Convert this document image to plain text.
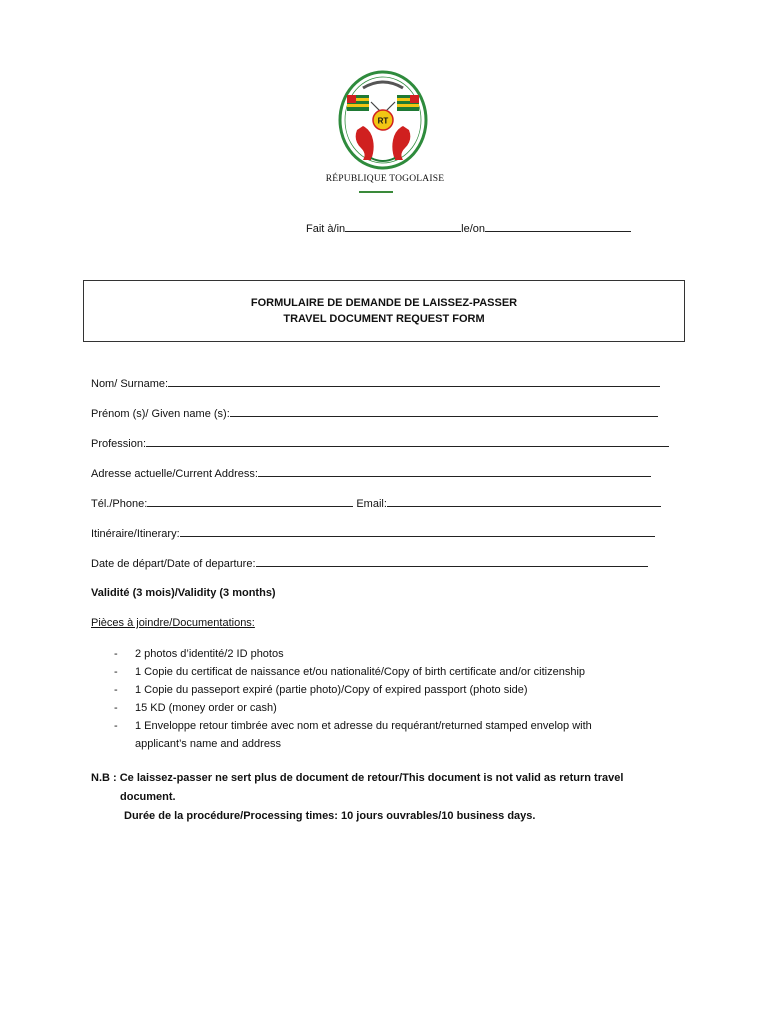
RT
RÉPUBLIQUE TOGOLAISE
Fait à/in	le/on
FORMULAIRE DE DEMANDE DE LAISSEZ-PASSER
TRAVEL DOCUMENT REQUEST FORM
Nom/ Surname:
Prénom (s)/ Given name (s):
Profession:
Adresse actuelle/Current Address:
Tél./Phone:	Email:
Itinéraire/Itinerary:
Date de départ/Date of departure:
Validité (3 mois)/Validity (3 months)
Pièces à joindre/Documentations:
-	2 photos d’identité/2 ID photos
-	1 Copie du certificat de naissance et/ou nationalité/Copy of birth certificate and/or citizenship
-	1 Copie du passeport expiré (partie photo)/Copy of expired passport (photo side)
-	15 KD (money order or cash)
-	1 Enveloppe retour timbrée avec nom et adresse du requérant/returned stamped envelop with
applicant’s name and address
N.B : Ce laissez-passer ne sert plus de document de retour/This document is not valid as return travel
document.
Durée de la procédure/Processing times: 10 jours ouvrables/10 business days.
